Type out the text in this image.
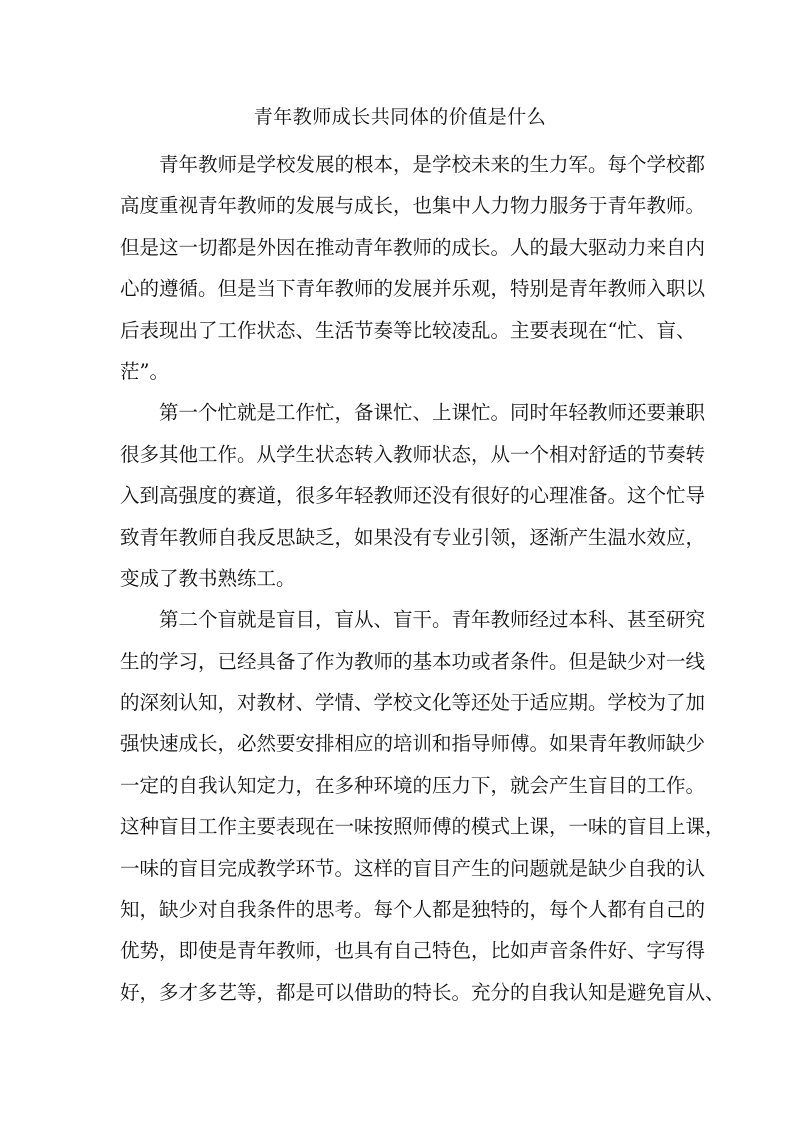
青年教师成长共同体的价值是什么
青年教师是学校发展的根本，是学校未来的生力军。每个学校都
高度重视青年教师的发展与成长，也集中人力物力服务于青年教师。
但是这一切都是外因在推动青年教师的成长。人的最大驱动力来自内
心的遵循。但是当下青年教师的发展并乐观，特别是青年教师入职以
后表现出了工作状态、生活节奏等比较凌乱。主要表现在“忙、盲、
茫”。
第一个忙就是工作忙，备课忙、上课忙。同时年轻教师还要兼职
很多其他工作。从学生状态转入教师状态，从一个相对舒适的节奏转
入到高强度的赛道，很多年轻教师还没有很好的心理准备。这个忙导
致青年教师自我反思缺乏，如果没有专业引领，逐渐产生温水效应，
变成了教书熟练工。
第二个盲就是盲目，盲从、盲干。青年教师经过本科、甚至研究
生的学习，已经具备了作为教师的基本功或者条件。但是缺少对一线
的深刻认知，对教材、学情、学校文化等还处于适应期。学校为了加
强快速成长，必然要安排相应的培训和指导师傅。如果青年教师缺少
一定的自我认知定力，在多种环境的压力下，就会产生盲目的工作。
这种盲目工作主要表现在一味按照师傅的模式上课，一味的盲目上课，
一味的盲目完成教学环节。这样的盲目产生的问题就是缺少自我的认
知，缺少对自我条件的思考。每个人都是独特的，每个人都有自己的
优势，即使是青年教师，也具有自己特色，比如声音条件好、字写得
好，多才多艺等，都是可以借助的特长。充分的自我认知是避免盲从、
